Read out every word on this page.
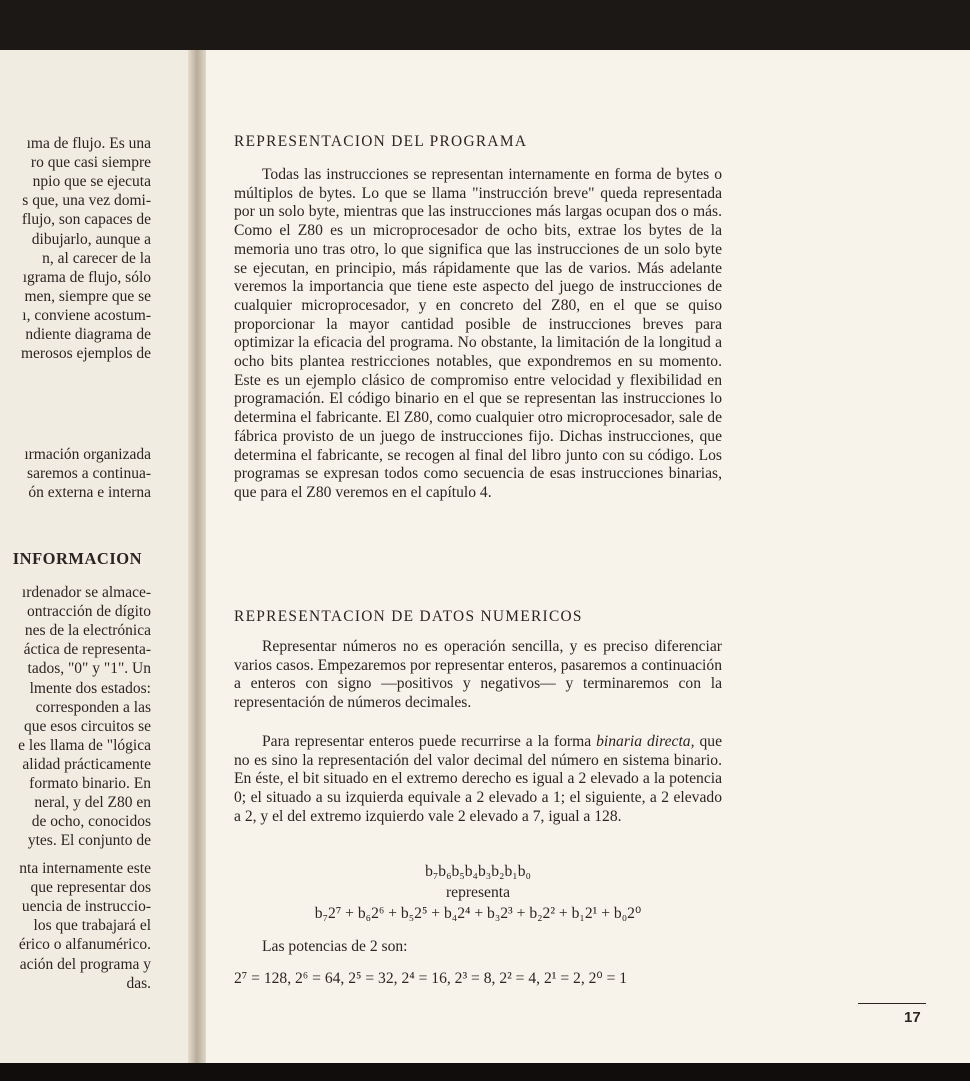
ıma de flujo. Es una
ro que casi siempre
npio que se ejecuta
s que, una vez domi-
flujo, son capaces de
dibujarlo, aunque a
n, al carecer de la
ıgrama de flujo, sólo
men, siempre que se
ı, conviene acostum-
ndiente diagrama de
merosos ejemplos de
ırmación organizada
saremos a continua-
ón externa e interna
ırdenador se almace-
ontracción de dígito
nes de la electrónica
áctica de representa-
tados, "0" y "1". Un
lmente dos estados:
corresponden a las
que esos circuitos se
e les llama de "lógica
alidad prácticamente
formato binario. En
neral, y del Z80 en
de ocho, conocidos
ytes. El conjunto de
nta internamente este
que representar dos
uencia de instruccio-
los que trabajará el
érico o alfanumérico.
ación del programa y
das.
INFORMACION

REPRESENTACION DEL PROGRAMA

Todas las instrucciones se representan internamente en forma de bytes o múltiplos de bytes. Lo que se llama "instrucción breve" queda representada por un solo byte, mientras que las instrucciones más largas ocupan dos o más. Como el Z80 es un microprocesador de ocho bits, extrae los bytes de la memoria uno tras otro, lo que significa que las instrucciones de un solo byte se ejecutan, en principio, más rápidamente que las de varios. Más adelante veremos la importancia que tiene este aspecto del juego de instrucciones de cualquier microprocesador, y en concreto del Z80, en el que se quiso proporcionar la mayor cantidad posible de instrucciones breves para optimizar la eficacia del programa. No obstante, la limitación de la longitud a ocho bits plantea restricciones notables, que expondremos en su momento. Este es un ejemplo clásico de compromiso entre velocidad y flexibilidad en programación. El código binario en el que se representan las instrucciones lo determina el fabricante. El Z80, como cualquier otro microprocesador, sale de fábrica provisto de un juego de instrucciones fijo. Dichas instrucciones, que determina el fabricante, se recogen al final del libro junto con su código. Los programas se expresan todos como secuencia de esas instrucciones binarias, que para el Z80 veremos en el capítulo 4.

REPRESENTACION DE DATOS NUMERICOS

Representar números no es operación sencilla, y es preciso diferenciar varios casos. Empezaremos por representar enteros, pasaremos a continuación a enteros con signo —positivos y negativos— y terminaremos con la representación de números decimales.

Para representar enteros puede recurrirse a la forma binaria directa, que no es sino la representación del valor decimal del número en sistema binario. En éste, el bit situado en el extremo derecho es igual a 2 elevado a la potencia 0; el situado a su izquierda equivale a 2 elevado a 1; el siguiente, a 2 elevado a 2, y el del extremo izquierdo vale 2 elevado a 7, igual a 128.

b₇b₆b₅b₄b₃b₂b₁b₀
representa
b₇2⁷ + b₆2⁶ + b₅2⁵ + b₄2⁴ + b₃2³ + b₂2² + b₁2¹ + b₀2⁰
Las potencias de 2 son:
2⁷ = 128, 2⁶ = 64, 2⁵ = 32, 2⁴ = 16, 2³ = 8, 2² = 4, 2¹ = 2, 2⁰ = 1
17
